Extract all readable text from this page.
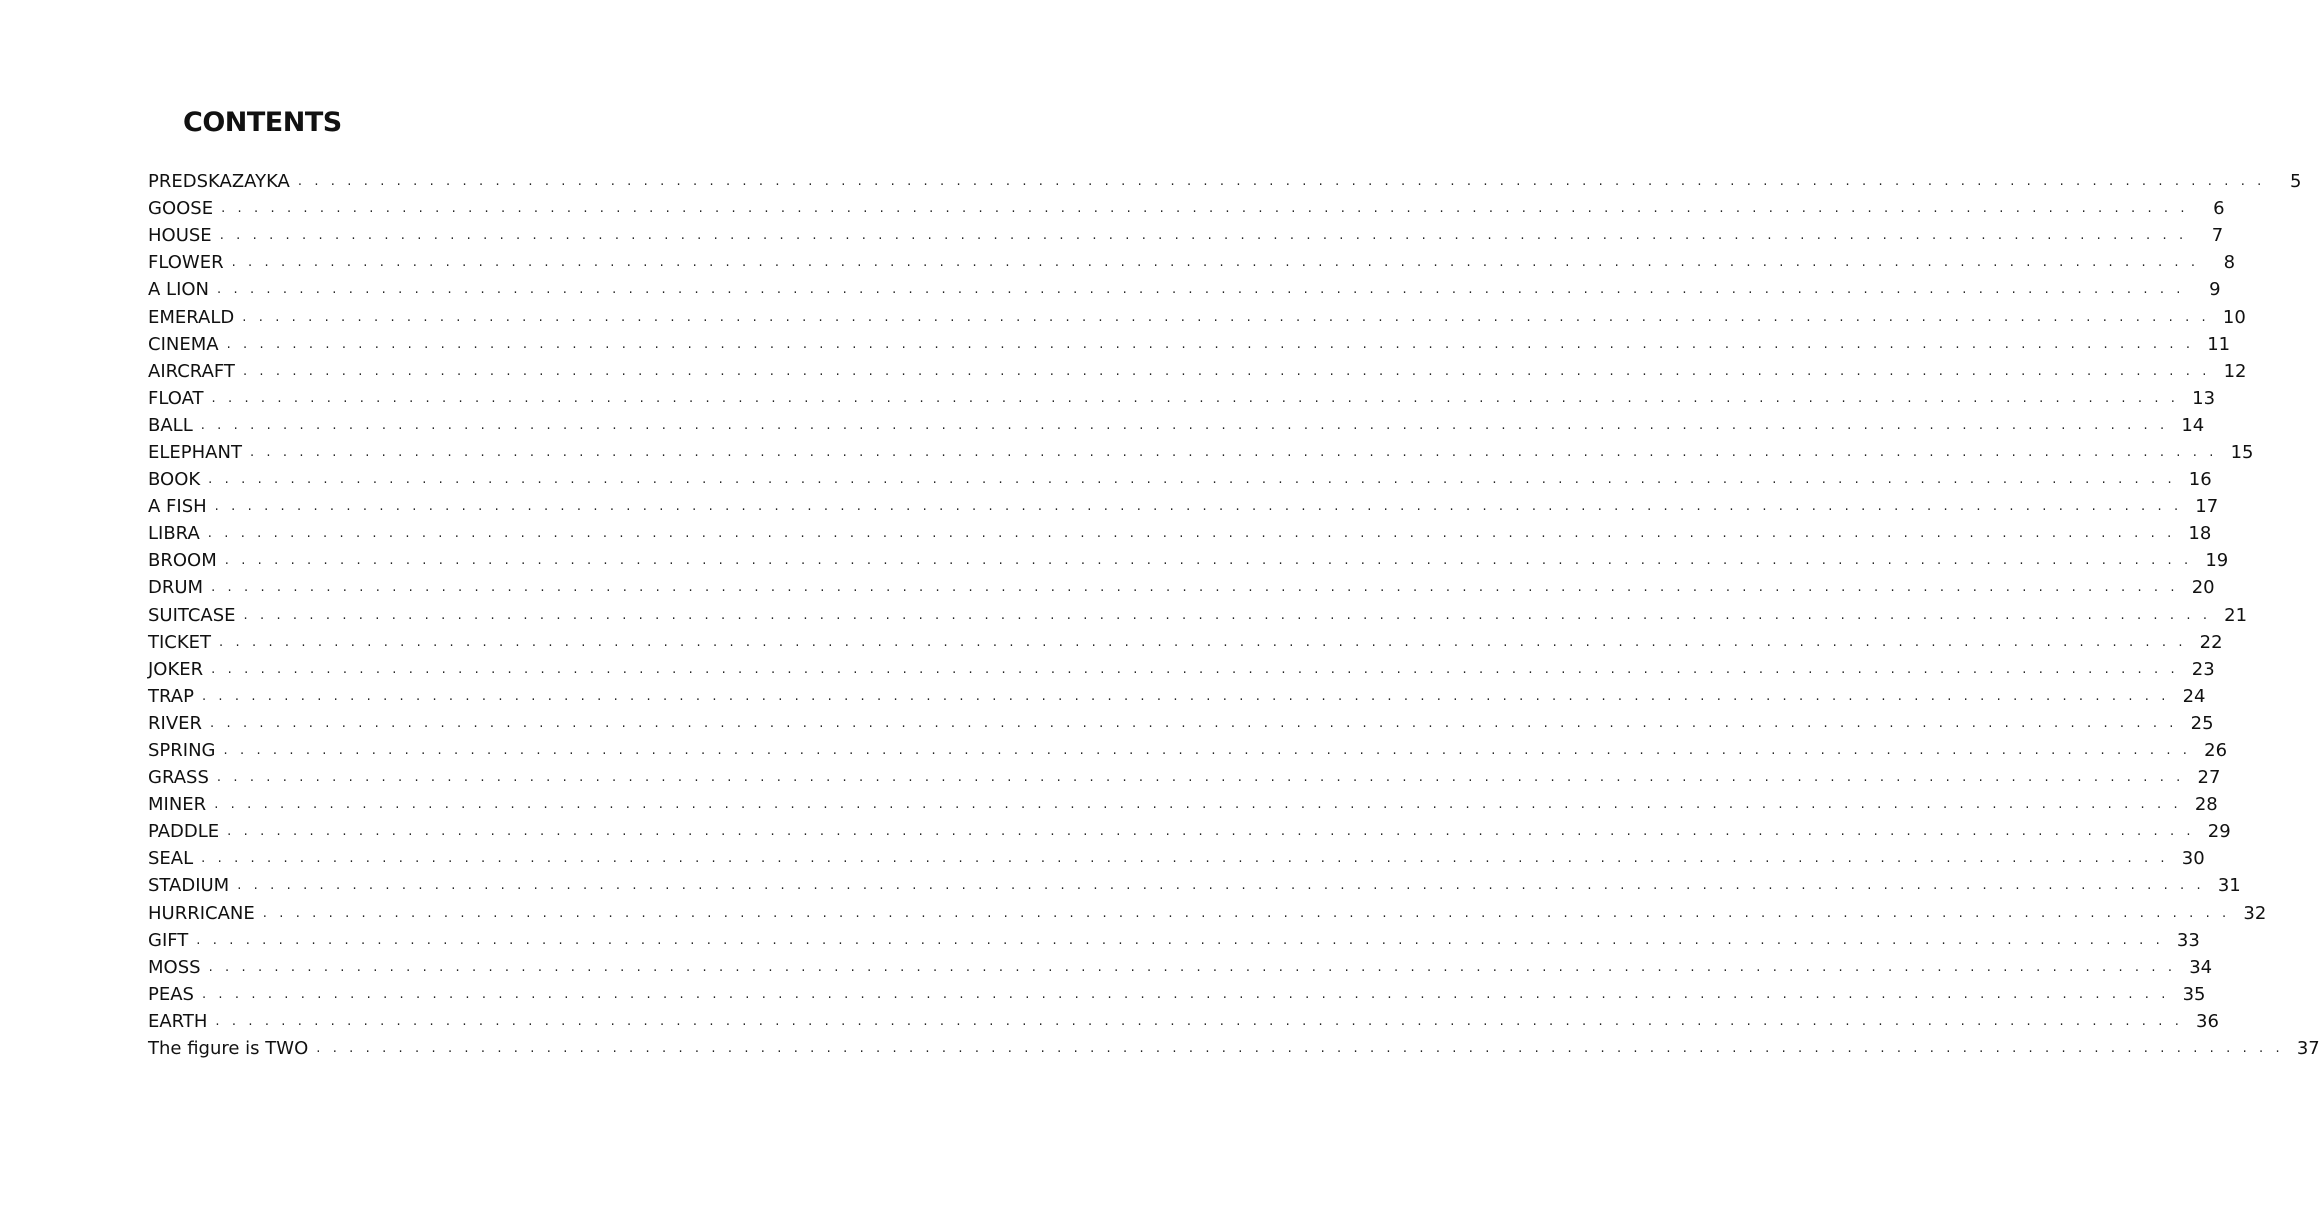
CONTENTS
PREDSKAZAYKA . . . . . . . . . . . . . . . . . . . . . . . . . . . . . . . . . . . . . . . . . . . . . . . . . . . . . . . . . . . . . . . . . . . . . . . . . . . . . . . . . . . . . . . . . . . . . . . . . . . . . . . . . . . . . . . . . . . . . . . .	5
GOOSE . . . . . . . . . . . . . . . . . . . . . . . . . . . . . . . . . . . . . . . . . . . . . . . . . . . . . . . . . . . . . . . . . . . . . . . . . . . . . . . . . . . . . . . . . . . . . . . . . . . . . . . . . . . . . . . . . . . . . . . .	6
HOUSE . . . . . . . . . . . . . . . . . . . . . . . . . . . . . . . . . . . . . . . . . . . . . . . . . . . . . . . . . . . . . . . . . . . . . . . . . . . . . . . . . . . . . . . . . . . . . . . . . . . . . . . . . . . . . . . . . . . . . . . .	7
FLOWER . . . . . . . . . . . . . . . . . . . . . . . . . . . . . . . . . . . . . . . . . . . . . . . . . . . . . . . . . . . . . . . . . . . . . . . . . . . . . . . . . . . . . . . . . . . . . . . . . . . . . . . . . . . . . . . . . . . . . . . .	8
A LION . . . . . . . . . . . . . . . . . . . . . . . . . . . . . . . . . . . . . . . . . . . . . . . . . . . . . . . . . . . . . . . . . . . . . . . . . . . . . . . . . . . . . . . . . . . . . . . . . . . . . . . . . . . . . . . . . . . . . . . .	9
EMERALD . . . . . . . . . . . . . . . . . . . . . . . . . . . . . . . . . . . . . . . . . . . . . . . . . . . . . . . . . . . . . . . . . . . . . . . . . . . . . . . . . . . . . . . . . . . . . . . . . . . . . . . . . . . . . . . . . . . . . . . . 10
CINEMA . . . . . . . . . . . . . . . . . . . . . . . . . . . . . . . . . . . . . . . . . . . . . . . . . . . . . . . . . . . . . . . . . . . . . . . . . . . . . . . . . . . . . . . . . . . . . . . . . . . . . . . . . . . . . . . . . . . . . . . . 11
AIRCRAFT . . . . . . . . . . . . . . . . . . . . . . . . . . . . . . . . . . . . . . . . . . . . . . . . . . . . . . . . . . . . . . . . . . . . . . . . . . . . . . . . . . . . . . . . . . . . . . . . . . . . . . . . . . . . . . . . . . . . . . . . 12
FLOAT . . . . . . . . . . . . . . . . . . . . . . . . . . . . . . . . . . . . . . . . . . . . . . . . . . . . . . . . . . . . . . . . . . . . . . . . . . . . . . . . . . . . . . . . . . . . . . . . . . . . . . . . . . . . . . . . . . . . . . . . 13
BALL . . . . . . . . . . . . . . . . . . . . . . . . . . . . . . . . . . . . . . . . . . . . . . . . . . . . . . . . . . . . . . . . . . . . . . . . . . . . . . . . . . . . . . . . . . . . . . . . . . . . . . . . . . . . . . . . . . . . . . . . 14
ELEPHANT . . . . . . . . . . . . . . . . . . . . . . . . . . . . . . . . . . . . . . . . . . . . . . . . . . . . . . . . . . . . . . . . . . . . . . . . . . . . . . . . . . . . . . . . . . . . . . . . . . . . . . . . . . . . . . . . . . . . . . . . 15
BOOK . . . . . . . . . . . . . . . . . . . . . . . . . . . . . . . . . . . . . . . . . . . . . . . . . . . . . . . . . . . . . . . . . . . . . . . . . . . . . . . . . . . . . . . . . . . . . . . . . . . . . . . . . . . . . . . . . . . . . . . . 16
A FISH . . . . . . . . . . . . . . . . . . . . . . . . . . . . . . . . . . . . . . . . . . . . . . . . . . . . . . . . . . . . . . . . . . . . . . . . . . . . . . . . . . . . . . . . . . . . . . . . . . . . . . . . . . . . . . . . . . . . . . . . 17
LIBRA . . . . . . . . . . . . . . . . . . . . . . . . . . . . . . . . . . . . . . . . . . . . . . . . . . . . . . . . . . . . . . . . . . . . . . . . . . . . . . . . . . . . . . . . . . . . . . . . . . . . . . . . . . . . . . . . . . . . . . . . 18
BROOM . . . . . . . . . . . . . . . . . . . . . . . . . . . . . . . . . . . . . . . . . . . . . . . . . . . . . . . . . . . . . . . . . . . . . . . . . . . . . . . . . . . . . . . . . . . . . . . . . . . . . . . . . . . . . . . . . . . . . . . . 19
DRUM . . . . . . . . . . . . . . . . . . . . . . . . . . . . . . . . . . . . . . . . . . . . . . . . . . . . . . . . . . . . . . . . . . . . . . . . . . . . . . . . . . . . . . . . . . . . . . . . . . . . . . . . . . . . . . . . . . . . . . . . 20
SUITCASE . . . . . . . . . . . . . . . . . . . . . . . . . . . . . . . . . . . . . . . . . . . . . . . . . . . . . . . . . . . . . . . . . . . . . . . . . . . . . . . . . . . . . . . . . . . . . . . . . . . . . . . . . . . . . . . . . . . . . . . . 21
TICKET . . . . . . . . . . . . . . . . . . . . . . . . . . . . . . . . . . . . . . . . . . . . . . . . . . . . . . . . . . . . . . . . . . . . . . . . . . . . . . . . . . . . . . . . . . . . . . . . . . . . . . . . . . . . . . . . . . . . . . . . 22
JOKER . . . . . . . . . . . . . . . . . . . . . . . . . . . . . . . . . . . . . . . . . . . . . . . . . . . . . . . . . . . . . . . . . . . . . . . . . . . . . . . . . . . . . . . . . . . . . . . . . . . . . . . . . . . . . . . . . . . . . . . . 23
TRAP . . . . . . . . . . . . . . . . . . . . . . . . . . . . . . . . . . . . . . . . . . . . . . . . . . . . . . . . . . . . . . . . . . . . . . . . . . . . . . . . . . . . . . . . . . . . . . . . . . . . . . . . . . . . . . . . . . . . . . . . 24
RIVER . . . . . . . . . . . . . . . . . . . . . . . . . . . . . . . . . . . . . . . . . . . . . . . . . . . . . . . . . . . . . . . . . . . . . . . . . . . . . . . . . . . . . . . . . . . . . . . . . . . . . . . . . . . . . . . . . . . . . . . . 25
SPRING . . . . . . . . . . . . . . . . . . . . . . . . . . . . . . . . . . . . . . . . . . . . . . . . . . . . . . . . . . . . . . . . . . . . . . . . . . . . . . . . . . . . . . . . . . . . . . . . . . . . . . . . . . . . . . . . . . . . . . . . 26
GRASS . . . . . . . . . . . . . . . . . . . . . . . . . . . . . . . . . . . . . . . . . . . . . . . . . . . . . . . . . . . . . . . . . . . . . . . . . . . . . . . . . . . . . . . . . . . . . . . . . . . . . . . . . . . . . . . . . . . . . . . . 27
MINER . . . . . . . . . . . . . . . . . . . . . . . . . . . . . . . . . . . . . . . . . . . . . . . . . . . . . . . . . . . . . . . . . . . . . . . . . . . . . . . . . . . . . . . . . . . . . . . . . . . . . . . . . . . . . . . . . . . . . . . . 28
PADDLE . . . . . . . . . . . . . . . . . . . . . . . . . . . . . . . . . . . . . . . . . . . . . . . . . . . . . . . . . . . . . . . . . . . . . . . . . . . . . . . . . . . . . . . . . . . . . . . . . . . . . . . . . . . . . . . . . . . . . . . . 29
SEAL . . . . . . . . . . . . . . . . . . . . . . . . . . . . . . . . . . . . . . . . . . . . . . . . . . . . . . . . . . . . . . . . . . . . . . . . . . . . . . . . . . . . . . . . . . . . . . . . . . . . . . . . . . . . . . . . . . . . . . . . 30
STADIUM . . . . . . . . . . . . . . . . . . . . . . . . . . . . . . . . . . . . . . . . . . . . . . . . . . . . . . . . . . . . . . . . . . . . . . . . . . . . . . . . . . . . . . . . . . . . . . . . . . . . . . . . . . . . . . . . . . . . . . . . 31
HURRICANE . . . . . . . . . . . . . . . . . . . . . . . . . . . . . . . . . . . . . . . . . . . . . . . . . . . . . . . . . . . . . . . . . . . . . . . . . . . . . . . . . . . . . . . . . . . . . . . . . . . . . . . . . . . . . . . . . . . . . . . . 32
GIFT . . . . . . . . . . . . . . . . . . . . . . . . . . . . . . . . . . . . . . . . . . . . . . . . . . . . . . . . . . . . . . . . . . . . . . . . . . . . . . . . . . . . . . . . . . . . . . . . . . . . . . . . . . . . . . . . . . . . . . . . 33
MOSS . . . . . . . . . . . . . . . . . . . . . . . . . . . . . . . . . . . . . . . . . . . . . . . . . . . . . . . . . . . . . . . . . . . . . . . . . . . . . . . . . . . . . . . . . . . . . . . . . . . . . . . . . . . . . . . . . . . . . . . . 34
PEAS . . . . . . . . . . . . . . . . . . . . . . . . . . . . . . . . . . . . . . . . . . . . . . . . . . . . . . . . . . . . . . . . . . . . . . . . . . . . . . . . . . . . . . . . . . . . . . . . . . . . . . . . . . . . . . . . . . . . . . . . 35
EARTH . . . . . . . . . . . . . . . . . . . . . . . . . . . . . . . . . . . . . . . . . . . . . . . . . . . . . . . . . . . . . . . . . . . . . . . . . . . . . . . . . . . . . . . . . . . . . . . . . . . . . . . . . . . . . . . . . . . . . . . . 36
The figure is TWO . . . . . . . . . . . . . . . . . . . . . . . . . . . . . . . . . . . . . . . . . . . . . . . . . . . . . . . . . . . . . . . . . . . . . . . . . . . . . . . . . . . . . . . . . . . . . . . . . . . . . . . . . . . . . . . . . . . . . . . . 37
